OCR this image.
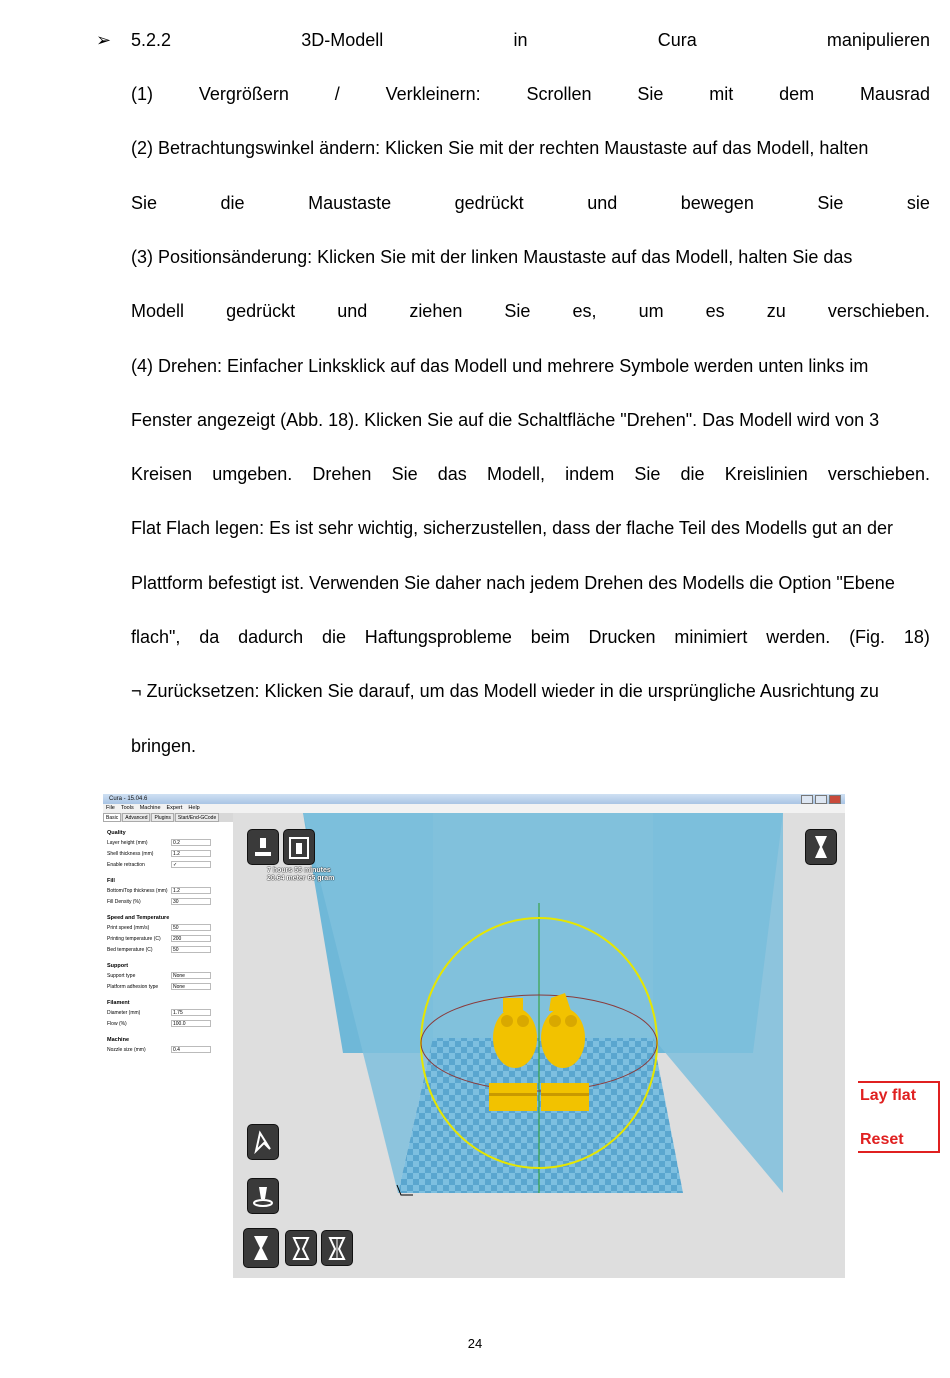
➢ 5.2.2	3D-Modell	in	Cura	manipulieren
(1)	Vergrößern	/	Verkleinern:	Scrollen	Sie	mit	dem	Mausrad
(2) Betrachtungswinkel ändern: Klicken Sie mit der rechten Maustaste auf das Modell, halten
Sie	die	Maustaste	gedrückt	und	bewegen	Sie	sie
(3) Positionsänderung: Klicken Sie mit der linken Maustaste auf das Modell, halten Sie das
Modell gedrückt und ziehen Sie es, um es zu verschieben.
(4) Drehen: Einfacher Linksklick auf das Modell und mehrere Symbole werden unten links im
Fenster angezeigt (Abb. 18). Klicken Sie auf die Schaltfläche "Drehen". Das Modell wird von 3
Kreisen umgeben. Drehen Sie das Modell, indem Sie die Kreislinien verschieben.
Flat Flach legen: Es ist sehr wichtig, sicherzustellen, dass der flache Teil des Modells gut an der
Plattform befestigt ist. Verwenden Sie daher nach jedem Drehen des Modells die Option "Ebene
flach", da dadurch die Haftungsprobleme beim Drucken minimiert werden. (Fig. 18)
¬ Zurücksetzen: Klicken Sie darauf, um das Modell wieder in die ursprüngliche Ausrichtung zu
bringen.
Cura - 15.04.6
File Tools Machine Expert Help
Basic	Advanced	Plugins	Start/End-GCode
Quality
Layer height (mm)	0.2
Shell thickness (mm)	1.2
Enable retraction	✓
Fill
Bottom/Top thickness (mm)	1.2
Fill Density (%)	30
Speed and Temperature
Print speed (mm/s)	50
Printing temperature (C)	200
Bed temperature (C)	50
Support
Support type	None
Platform adhesion type	None
Filament
Diameter (mm)	1.75
Flow (%)	100.0
Machine
Nozzle size (mm)	0.4
7 hours 55 minutes
20.64 meter 65 gram
Lay flat
Reset
24
